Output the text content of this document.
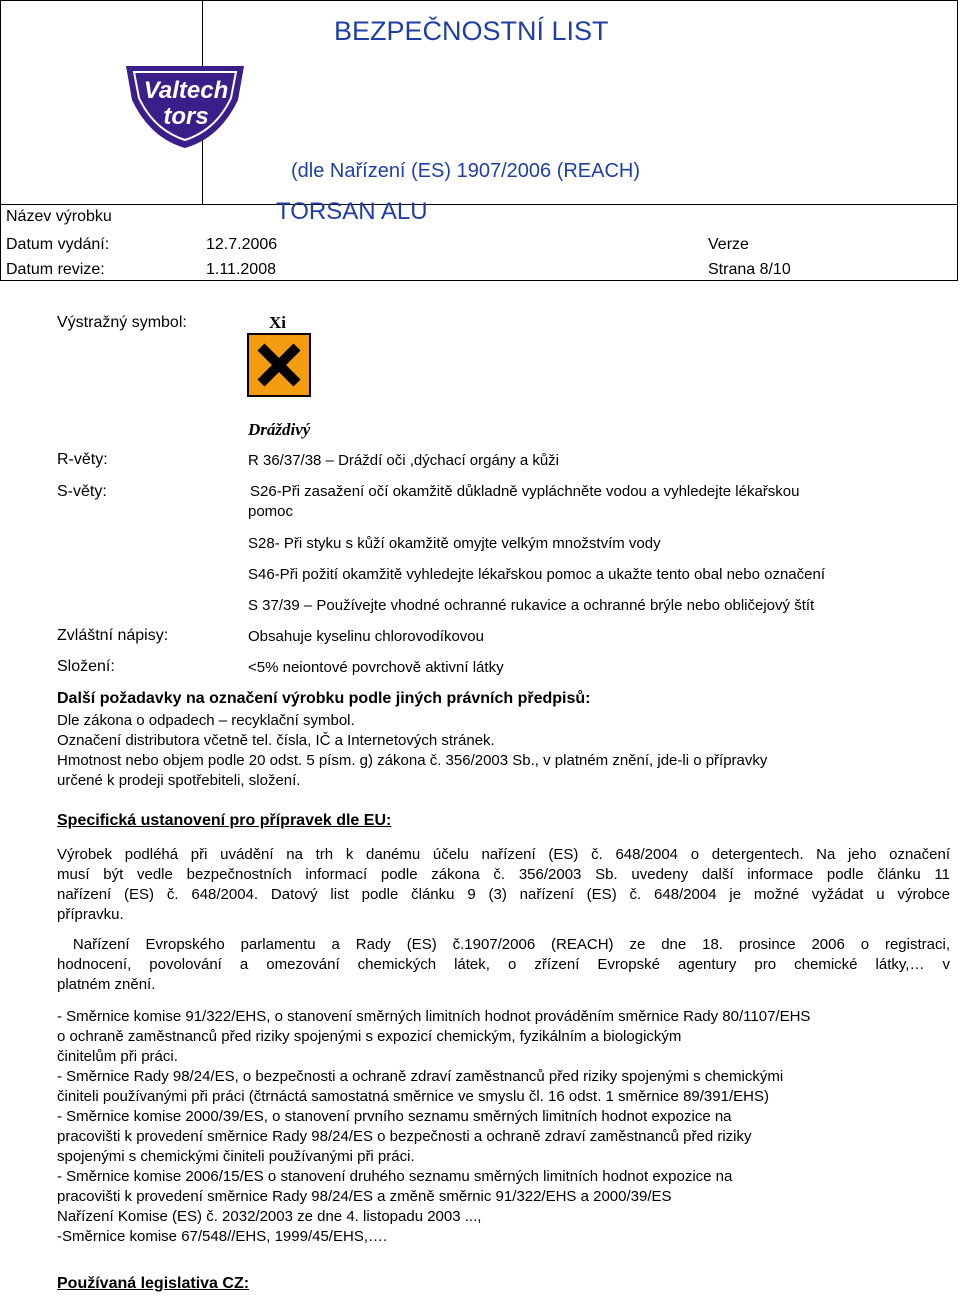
BEZPEČNOSTNÍ LIST
Valtech
tors
(dle Nařízení (ES) 1907/2006 (REACH)
Název výrobku	TORSAN ALU
Datum vydání:	12.7.2006	Verze
Datum revize:	1.11.2008	Strana 8/10
Výstražný symbol:	Xi
Dráždivý
R-věty:	R 36/37/38 – Dráždí oči ,dýchací orgány a kůži
S-věty:	S26-Při zasažení očí okamžitě důkladně vypláchněte vodou a vyhledejte lékařskou
pomoc
S28- Při styku s kůží okamžitě omyjte velkým množstvím vody
S46-Při požití okamžitě vyhledejte lékařskou pomoc a ukažte tento obal nebo označení
S 37/39 – Používejte vhodné ochranné rukavice a ochranné brýle nebo obličejový štít
Zvláštní nápisy:	Obsahuje kyselinu chlorovodíkovou
Složení:	<5% neiontové povrchově aktivní látky
Další požadavky na označení výrobku podle jiných právních předpisů:
Dle zákona o odpadech – recyklační symbol.
Označení distributora včetně tel. čísla, IČ a Internetových stránek.
Hmotnost nebo objem podle 20 odst. 5 písm. g) zákona č. 356/2003 Sb., v platném znění, jde-li o přípravky
určené k prodeji spotřebiteli, složení.
Specifická ustanovení pro přípravek dle EU:
Výrobek podléhá při uvádění na trh k danému účelu nařízení (ES) č. 648/2004 o detergentech. Na jeho označení
musí být vedle bezpečnostních informací podle zákona č. 356/2003 Sb. uvedeny další informace podle článku 11
nařízení (ES) č. 648/2004. Datový list podle článku 9 (3) nařízení (ES) č. 648/2004 je možné vyžádat u výrobce
přípravku.
Nařízení Evropského parlamentu a Rady (ES) č.1907/2006 (REACH) ze dne 18. prosince 2006 o registraci,
hodnocení, povolování a omezování chemických látek, o zřízení Evropské agentury pro chemické látky,… v
platném znění.
- Směrnice komise 91/322/EHS, o stanovení směrných limitních hodnot prováděním směrnice Rady 80/1107/EHS
o ochraně zaměstnanců před riziky spojenými s expozicí chemickým, fyzikálním a biologickým
činitelům při práci.
- Směrnice Rady 98/24/ES, o bezpečnosti a ochraně zdraví zaměstnanců před riziky spojenými s chemickými
činiteli používanými při práci (čtrnáctá samostatná směrnice ve smyslu čl. 16 odst. 1 směrnice 89/391/EHS)
- Směrnice komise 2000/39/ES, o stanovení prvního seznamu směrných limitních hodnot expozice na
pracovišti k provedení směrnice Rady 98/24/ES o bezpečnosti a ochraně zdraví zaměstnanců před riziky
spojenými s chemickými činiteli používanými při práci.
- Směrnice komise 2006/15/ES o stanovení druhého seznamu směrných limitních hodnot expozice na
pracovišti k provedení směrnice Rady 98/24/ES a změně směrnic 91/322/EHS a 2000/39/ES
Nařízení Komise (ES) č. 2032/2003 ze dne 4. listopadu 2003 ...,
-Směrnice komise 67/548//EHS, 1999/45/EHS,….
Používaná legislativa CZ:
